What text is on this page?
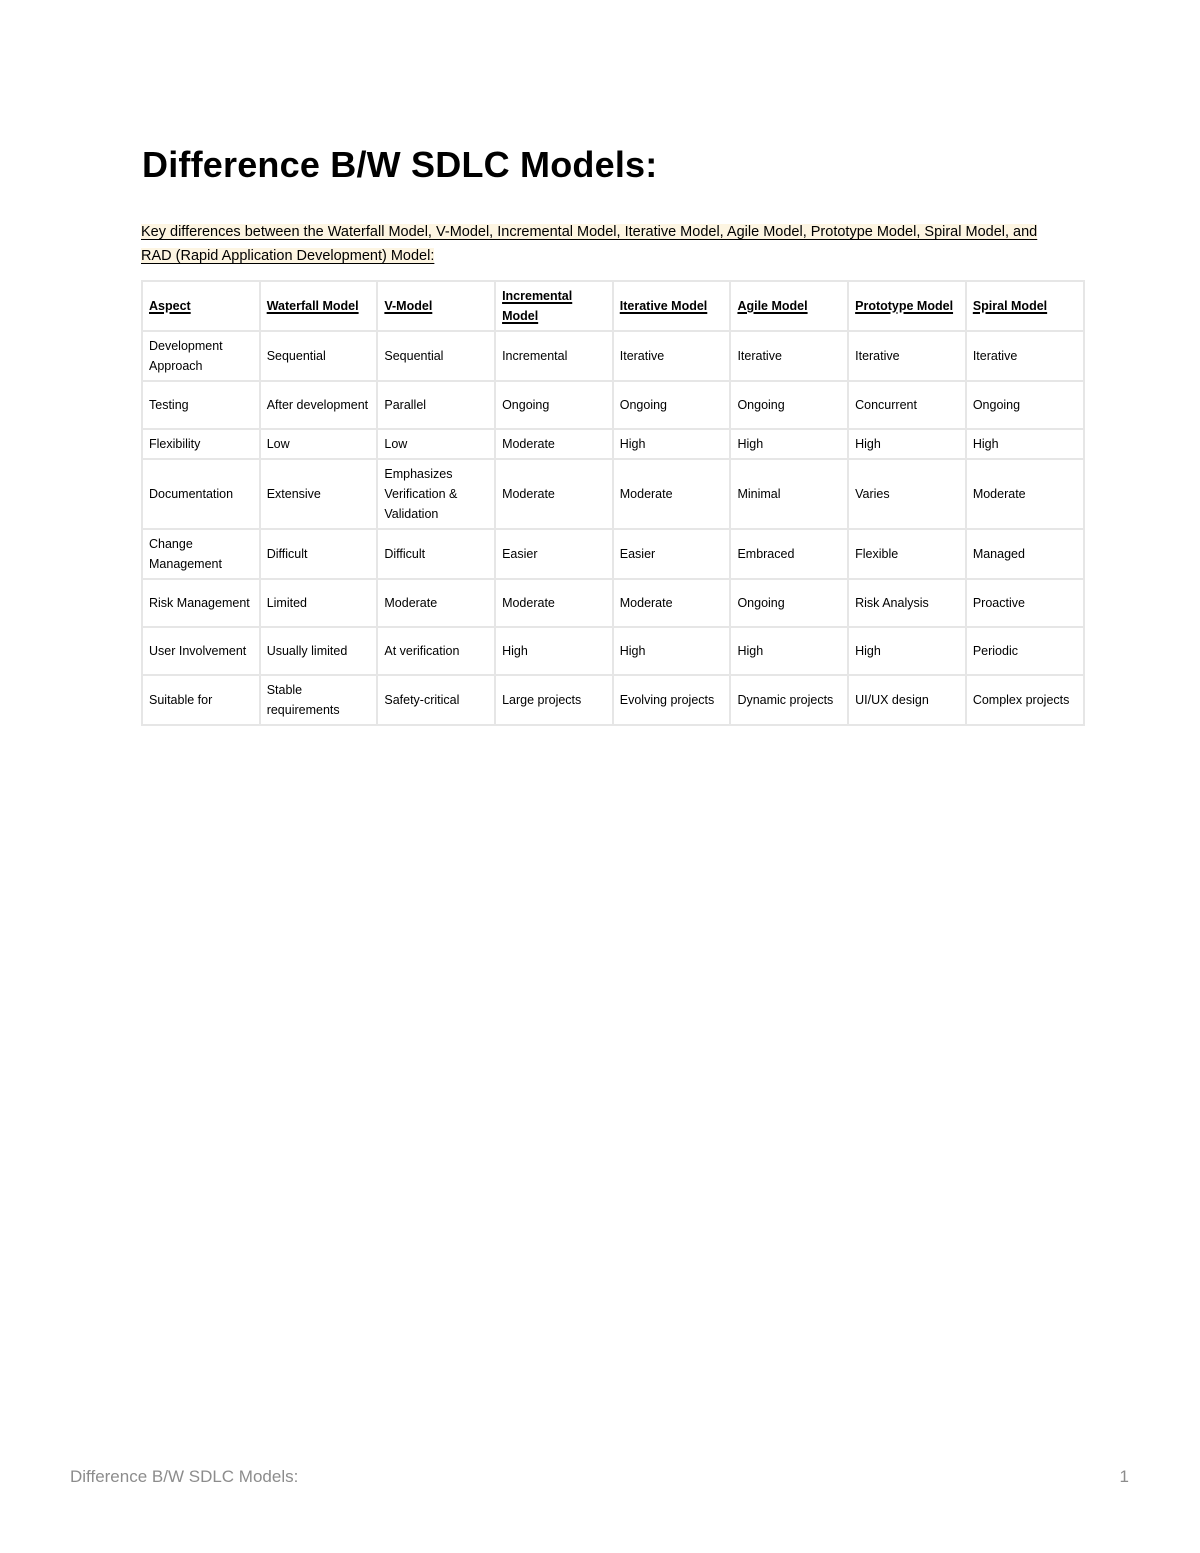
Difference B/W SDLC Models:

Key differences between the Waterfall Model, V-Model, Incremental Model, Iterative Model, Agile Model, Prototype Model, Spiral Model, and RAD (Rapid Application Development) Model:

Aspect	Waterfall Model	V-Model	Incremental Model	Iterative Model	Agile Model	Prototype Model	Spiral Model
Development Approach	Sequential	Sequential	Incremental	Iterative	Iterative	Iterative	Iterative
Testing	After development	Parallel	Ongoing	Ongoing	Ongoing	Concurrent	Ongoing
Flexibility	Low	Low	Moderate	High	High	High	High
Documentation	Extensive	Emphasizes Verification & Validation	Moderate	Moderate	Minimal	Varies	Moderate
Change Management	Difficult	Difficult	Easier	Easier	Embraced	Flexible	Managed
Risk Management	Limited	Moderate	Moderate	Moderate	Ongoing	Risk Analysis	Proactive
User Involvement	Usually limited	At verification	High	High	High	High	Periodic
Suitable for	Stable requirements	Safety-critical	Large projects	Evolving projects	Dynamic projects	UI/UX design	Complex projects
Difference B/W SDLC Models:	1
